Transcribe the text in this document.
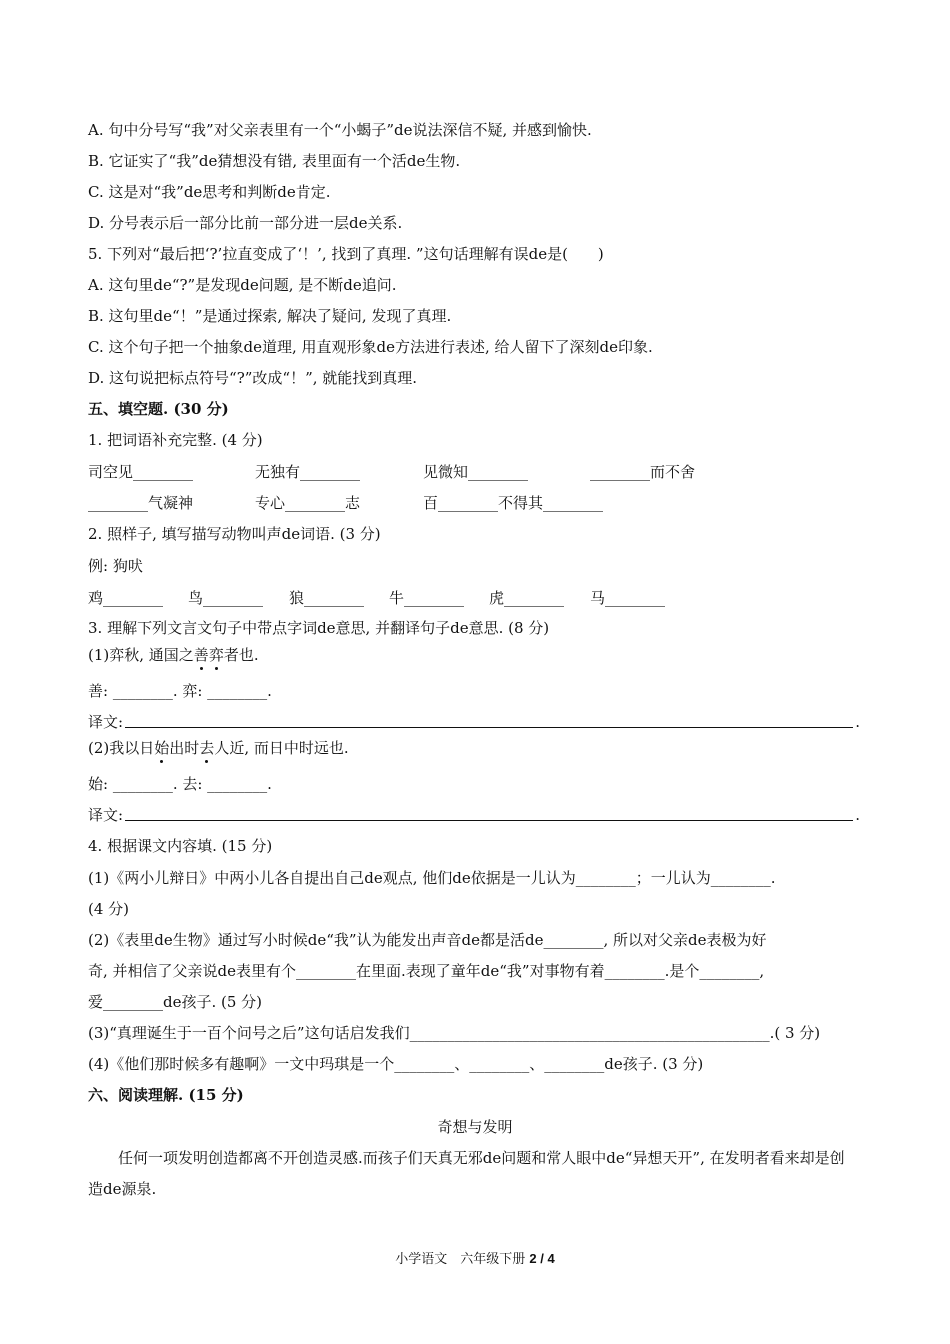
A. 句中分号写“我”对父亲表里有一个“小蝎子”de说法深信不疑, 并感到愉快.
B. 它证实了“我”de猜想没有错, 表里面有一个活de生物.
C. 这是对“我”de思考和判断de肯定.
D. 分号表示后一部分比前一部分进一层de关系.
5. 下列对“最后把‘?’拉直变成了‘！’, 找到了真理. ”这句话理解有误de是(　　)
A. 这句里de“?”是发现de问题, 是不断de追问.
B. 这句里de“！”是通过探索, 解决了疑问, 发现了真理.
C. 这个句子把一个抽象de道理, 用直观形象de方法进行表述, 给人留下了深刻de印象.
D. 这句说把标点符号“?”改成“！”, 就能找到真理.
五、填空题. (30 分)
1. 把词语补充完整. (4 分)
司空见________	无独有________	见微知________	________而不舍
________气凝神	专心________志	百________不得其________
2. 照样子, 填写描写动物叫声de词语. (3 分)
例: 狗吠
鸡________ 鸟________ 狼________ 牛________ 虎________ 马________
3. 理解下列文言文句子中带点字词de意思, 并翻译句子de意思. (8 分)
(1)弈秋, 通国之善弈者也.
善: ________. 弈: ________.
译文:	.
(2)我以日始出时去人近, 而日中时远也.
始: ________. 去: ________.
译文:	.
4. 根据课文内容填. (15 分)
(1)《两小儿辩日》中两小儿各自提出自己de观点, 他们de依据是一儿认为________；一儿认为________.
(4 分)
(2)《表里de生物》通过写小时候de“我”认为能发出声音de都是活de________, 所以对父亲de表极为好
奇, 并相信了父亲说de表里有个________在里面.表现了童年de“我”对事物有着________.是个________,
爱________de孩子. (5 分)
(3)“真理诞生于一百个问号之后”这句话启发我们________________________________________________.( 3 分)
(4)《他们那时候多有趣啊》一文中玛琪是一个________、________、________de孩子. (3 分)
六、阅读理解. (15 分)
奇想与发明
任何一项发明创造都离不开创造灵感.而孩子们天真无邪de问题和常人眼中de“异想天开”, 在发明者看来却是创造de源泉.
小学语文　六年级下册 2 / 4
